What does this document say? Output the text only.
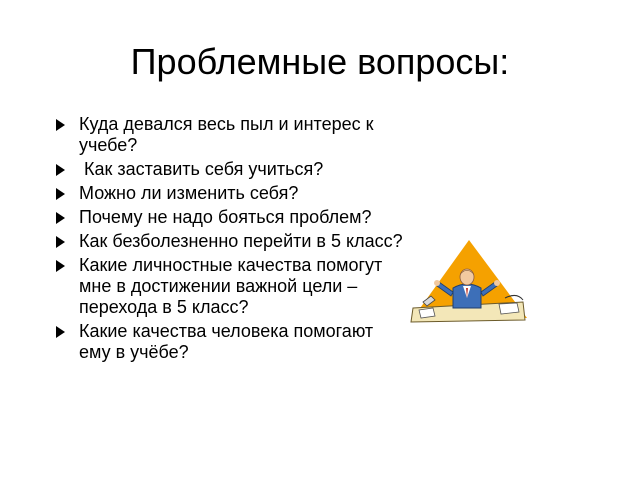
Проблемные вопросы:
Куда девался весь пыл и интерес к учебе?
Как заставить себя учиться?
Можно ли изменить себя?
Почему не надо бояться проблем?
Как безболезненно перейти в 5 класс?
Какие личностные качества помогут мне в достижении важной цели – перехода в 5 класс?
Какие качества человека помогают ему в учёбе?
